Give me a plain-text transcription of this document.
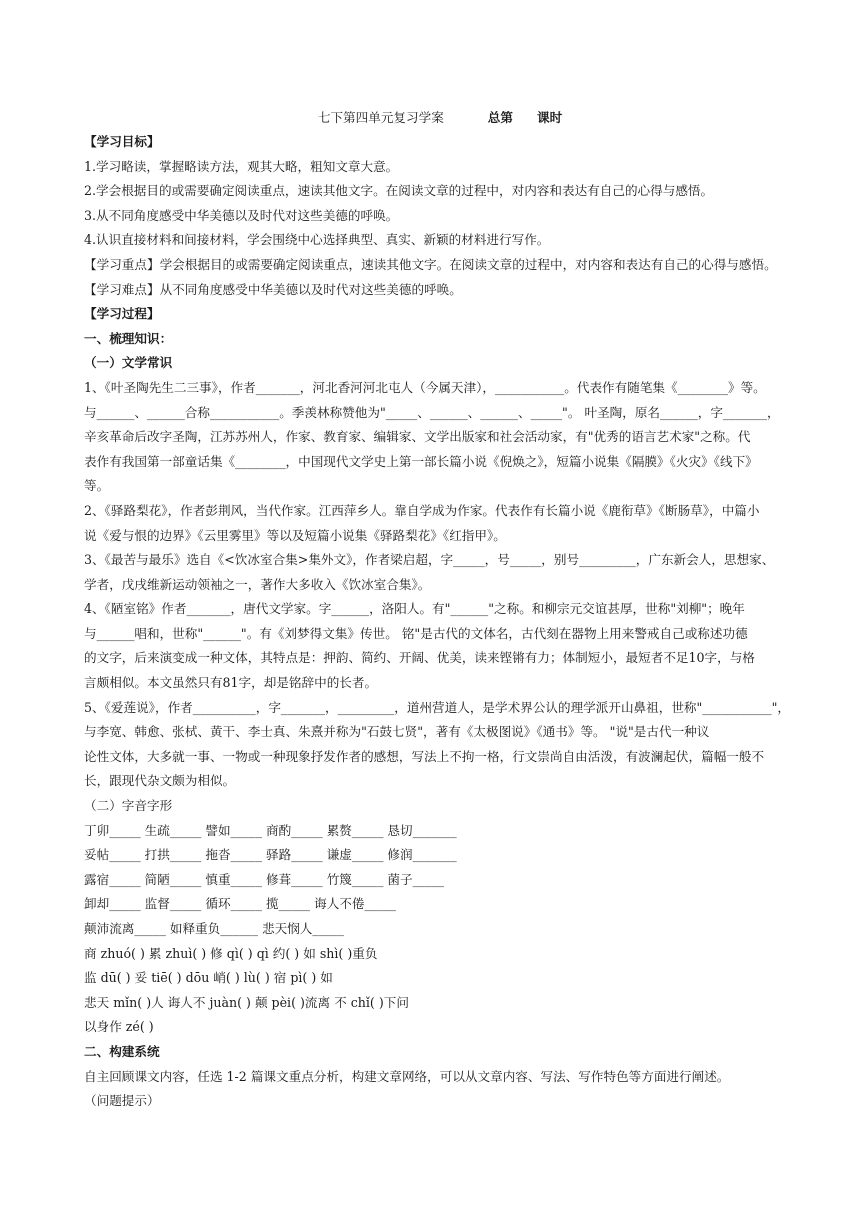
七下第四单元复习学案	总第 课时
【学习目标】
1.学习略读，掌握略读方法，观其大略，粗知文章大意。
2.学会根据目的或需要确定阅读重点，速读其他文字。在阅读文章的过程中，对内容和表达有自己的心得与感悟。
3.从不同角度感受中华美德以及时代对这些美德的呼唤。
4.认识直接材料和间接材料，学会围绕中心选择典型、真实、新颖的材料进行写作。
【学习重点】学会根据目的或需要确定阅读重点，速读其他文字。在阅读文章的过程中，对内容和表达有自己的心得与感悟。
【学习难点】从不同角度感受中华美德以及时代对这些美德的呼唤。
【学习过程】
一、梳理知识：
（一）文学常识
1、《叶圣陶先生二三事》，作者_______，河北香河河北屯人（今属天津），___________。代表作有随笔集《________》等。
与______、______合称___________。季羡林称赞他为"_____、______、______、_____"。 叶圣陶，原名______，字_______，
辛亥革命后改字圣陶，江苏苏州人，作家、教育家、编辑家、文学出版家和社会活动家，有"优秀的语言艺术家"之称。代
表作有我国第一部童话集《________，中国现代文学史上第一部长篇小说《倪焕之》，短篇小说集《隔膜》《火灾》《线下》
等。
2、《驿路梨花》，作者彭荆风，当代作家。江西萍乡人。靠自学成为作家。代表作有长篇小说《鹿衔草》《断肠草》，中篇小
说《爱与恨的边界》《云里雾里》等以及短篇小说集《驿路梨花》《红指甲》。
3、《最苦与最乐》选自《<饮冰室合集>集外文》，作者梁启超，字_____，号_____，别号_________，广东新会人，思想家、
学者，戊戌维新运动领袖之一，著作大多收入《饮冰室合集》。
4、《陋室铭》作者_______，唐代文学家。字______，洛阳人。有"______"之称。和柳宗元交谊甚厚，世称"刘柳"；晚年
与______唱和，世称"______"。有《刘梦得文集》传世。 铭"是古代的文体名，古代刻在器物上用来警戒自己或称述功德
的文字，后来演变成一种文体，其特点是：押韵、简约、开阔、优美，读来铿锵有力；体制短小，最短者不足10字，与格
言颇相似。本文虽然只有81字，却是铭辞中的长者。
5、《爱莲说》，作者__________，字_______，_________，道州营道人，是学术界公认的理学派开山鼻祖，世称"___________"，
与李宽、韩愈、张栻、黄干、李士真、朱熹并称为"石鼓七贤"，著有《太极图说》《通书》等。 "说"是古代一种议
论性文体，大多就一事、一物或一种现象抒发作者的感想，写法上不拘一格，行文崇尚自由活泼，有波澜起伏，篇幅一般不
长，跟现代杂文颇为相似。
（二）字音字形
丁卯_____ 生疏_____ 譬如_____ 商酌_____ 累赘_____ 恳切_______
妥帖_____ 打拱_____ 拖沓_____ 驿路_____ 谦虚_____ 修润_______
露宿_____ 简陋_____ 慎重_____ 修葺_____ 竹篾_____ 菌子_____
卸却_____ 监督_____ 循环_____ 揽_____ 诲人不倦_____
颠沛流离_____ 如释重负______ 悲天悯人_____
商 zhuó( ) 累 zhuì( ) 修 qì( ) qì 约( ) 如 shì( )重负
监 dū( ) 妥 tiē( ) dōu 峭( ) lù( ) 宿 pì( ) 如
悲天 mǐn( )人 诲人不 juàn( ) 颠 pèi( )流离 不 chǐ( )下问
以身作 zé( )
二、构建系统
自主回顾课文内容，任选 1-2 篇课文重点分析，构建文章网络，可以从文章内容、写法、写作特色等方面进行阐述。
（问题提示）
